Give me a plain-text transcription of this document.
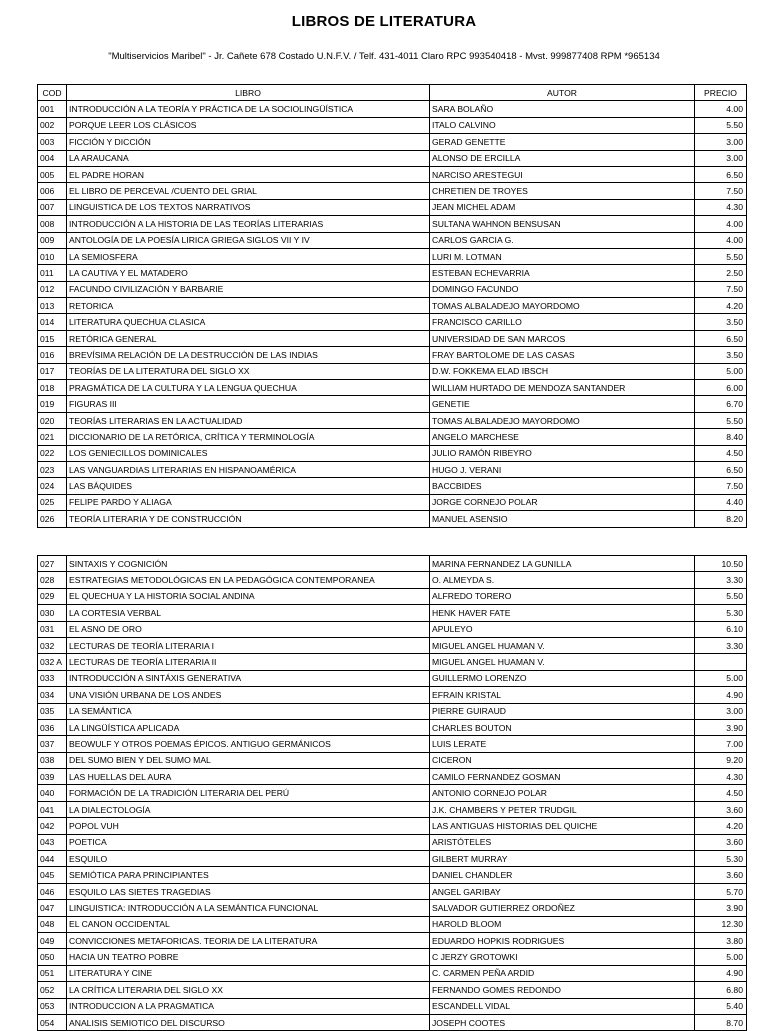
LIBROS DE LITERATURA
"Multiservicios Maribel" - Jr. Cañete 678 Costado U.N.F.V. / Telf. 431-4011 Claro RPC 993540418 - Mvst. 999877408 RPM *965134
COD	LIBRO	AUTOR	PRECIO
001	INTRODUCCIÓN A LA TEORÍA Y PRÁCTICA DE LA SOCIOLINGÜÍSTICA	SARA BOLAÑO	4.00
002	PORQUE LEER LOS CLÁSICOS	ITALO CALVINO	5.50
003	FICCIÓN Y DICCIÓN	GERAD GENETTE	3.00
004	LA ARAUCANA	ALONSO DE ERCILLA	3.00
005	EL PADRE HORAN	NARCISO ARESTEGUI	6.50
006	EL LIBRO DE PERCEVAL /CUENTO DEL GRIAL	CHRETIEN DE TROYES	7.50
007	LINGUISTICA DE LOS TEXTOS NARRATIVOS	JEAN MICHEL ADAM	4.30
008	INTRODUCCIÓN A LA HISTORIA DE LAS TEORÍAS LITERARIAS	SULTANA WAHNON BENSUSAN	4.00
009	ANTOLOGÍA DE LA POESÍA LIRICA GRIEGA SIGLOS VII Y IV	CARLOS GARCIA G.	4.00
010	LA SEMIOSFERA	LURI M. LOTMAN	5.50
011	LA CAUTIVA Y EL MATADERO	ESTEBAN ECHEVARRIA	2.50
012	FACUNDO CIVILIZACIÓN Y BARBARIE	DOMINGO FACUNDO	7.50
013	RETORICA	TOMAS ALBALADEJO MAYORDOMO	4.20
014	LITERATURA QUECHUA CLASICA	FRANCISCO CARILLO	3.50
015	RETÓRICA GENERAL	UNIVERSIDAD DE SAN MARCOS	6.50
016	BREVÍSIMA RELACIÓN DE LA DESTRUCCIÓN DE LAS INDIAS	FRAY BARTOLOME DE LAS CASAS	3.50
017	TEORÍAS DE LA LITERATURA DEL SIGLO XX	D.W. FOKKEMA ELAD IBSCH	5.00
018	PRAGMÁTICA DE LA CULTURA Y LA LENGUA QUECHUA	WILLIAM HURTADO DE MENDOZA SANTANDER	6.00
019	FIGURAS III	GENETIE	6.70
020	TEORÍAS LITERARIAS EN LA ACTUALIDAD	TOMAS ALBALADEJO MAYORDOMO	5.50
021	DICCIONARIO DE LA RETÓRICA, CRÍTICA Y TERMINOLOGÍA	ANGELO MARCHESE	8.40
022	LOS GENIECILLOS DOMINICALES	JULIO RAMÓN RIBEYRO	4.50
023	LAS VANGUARDIAS LITERARIAS EN HISPANOAMÉRICA	HUGO J. VERANI	6.50
024	LAS BÁQUIDES	BACCBIDES	7.50
025	FELIPE PARDO Y ALIAGA	JORGE CORNEJO POLAR	4.40
026	TEORÍA LITERARIA Y DE CONSTRUCCIÓN	MANUEL ASENSIO	8.20
027	SINTAXIS Y COGNICIÓN	MARINA FERNANDEZ LA GUNILLA	10.50
028	ESTRATEGIAS METODOLÓGICAS EN LA PEDAGÓGICA CONTEMPORANEA	O. ALMEYDA S.	3.30
029	EL QUECHUA Y LA HISTORIA SOCIAL ANDINA	ALFREDO TORERO	5.50
030	LA CORTESIA VERBAL	HENK HAVER FATE	5.30
031	EL ASNO DE ORO	APULEYO	6.10
032	LECTURAS DE TEORÍA LITERARIA I	MIGUEL ANGEL HUAMAN V.	3.30
032 A	LECTURAS DE TEORÍA LITERARIA II	MIGUEL ANGEL HUAMAN V.	
033	INTRODUCCIÓN A SINTÁXIS GENERATIVA	GUILLERMO LORENZO	5.00
034	UNA VISIÓN URBANA DE LOS ANDES	EFRAIN KRISTAL	4.90
035	LA SEMÁNTICA	PIERRE GUIRAUD	3.00
036	LA LINGÜÍSTICA APLICADA	CHARLES BOUTON	3.90
037	BEOWULF Y OTROS POEMAS ÉPICOS. ANTIGUO GERMÁNICOS	LUIS LERATE	7.00
038	DEL SUMO BIEN Y DEL SUMO MAL	CICERON	9.20
039	LAS HUELLAS DEL AURA	CAMILO FERNANDEZ GOSMAN	4.30
040	FORMACIÓN DE LA TRADICIÓN LITERARIA DEL PERÚ	ANTONIO CORNEJO POLAR	4.50
041	LA DIALECTOLOGÍA	J.K. CHAMBERS Y PETER TRUDGIL	3.60
042	POPOL VUH	LAS ANTIGUAS HISTORIAS DEL QUICHE	4.20
043	POETICA	ARISTÓTELES	3.60
044	ESQUILO	GILBERT MURRAY	5.30
045	SEMIÓTICA PARA PRINCIPIANTES	DANIEL CHANDLER	3.60
046	ESQUILO LAS SIETES TRAGEDIAS	ANGEL GARIBAY	5.70
047	LINGUISTICA: INTRODUCCIÓN A LA SEMÁNTICA FUNCIONAL	SALVADOR GUTIERREZ ORDOÑEZ	3.90
048	EL CANON OCCIDENTAL	HAROLD BLOOM	12.30
049	CONVICCIONES METAFORICAS. TEORIA DE LA LITERATURA	EDUARDO HOPKIS RODRIGUES	3.80
050	HACIA UN TEATRO POBRE	C JERZY GROTOWKI	5.00
051	LITERATURA Y CINE	C. CARMEN PEÑA ARDID	4.90
052	LA CRÍTICA LITERARIA DEL SIGLO XX	FERNANDO GOMES REDONDO	6.80
053	INTRODUCCION A LA PRAGMATICA	ESCANDELL VIDAL	5.40
054	ANALISIS SEMIOTICO DEL DISCURSO	JOSEPH COOTES	8.70
